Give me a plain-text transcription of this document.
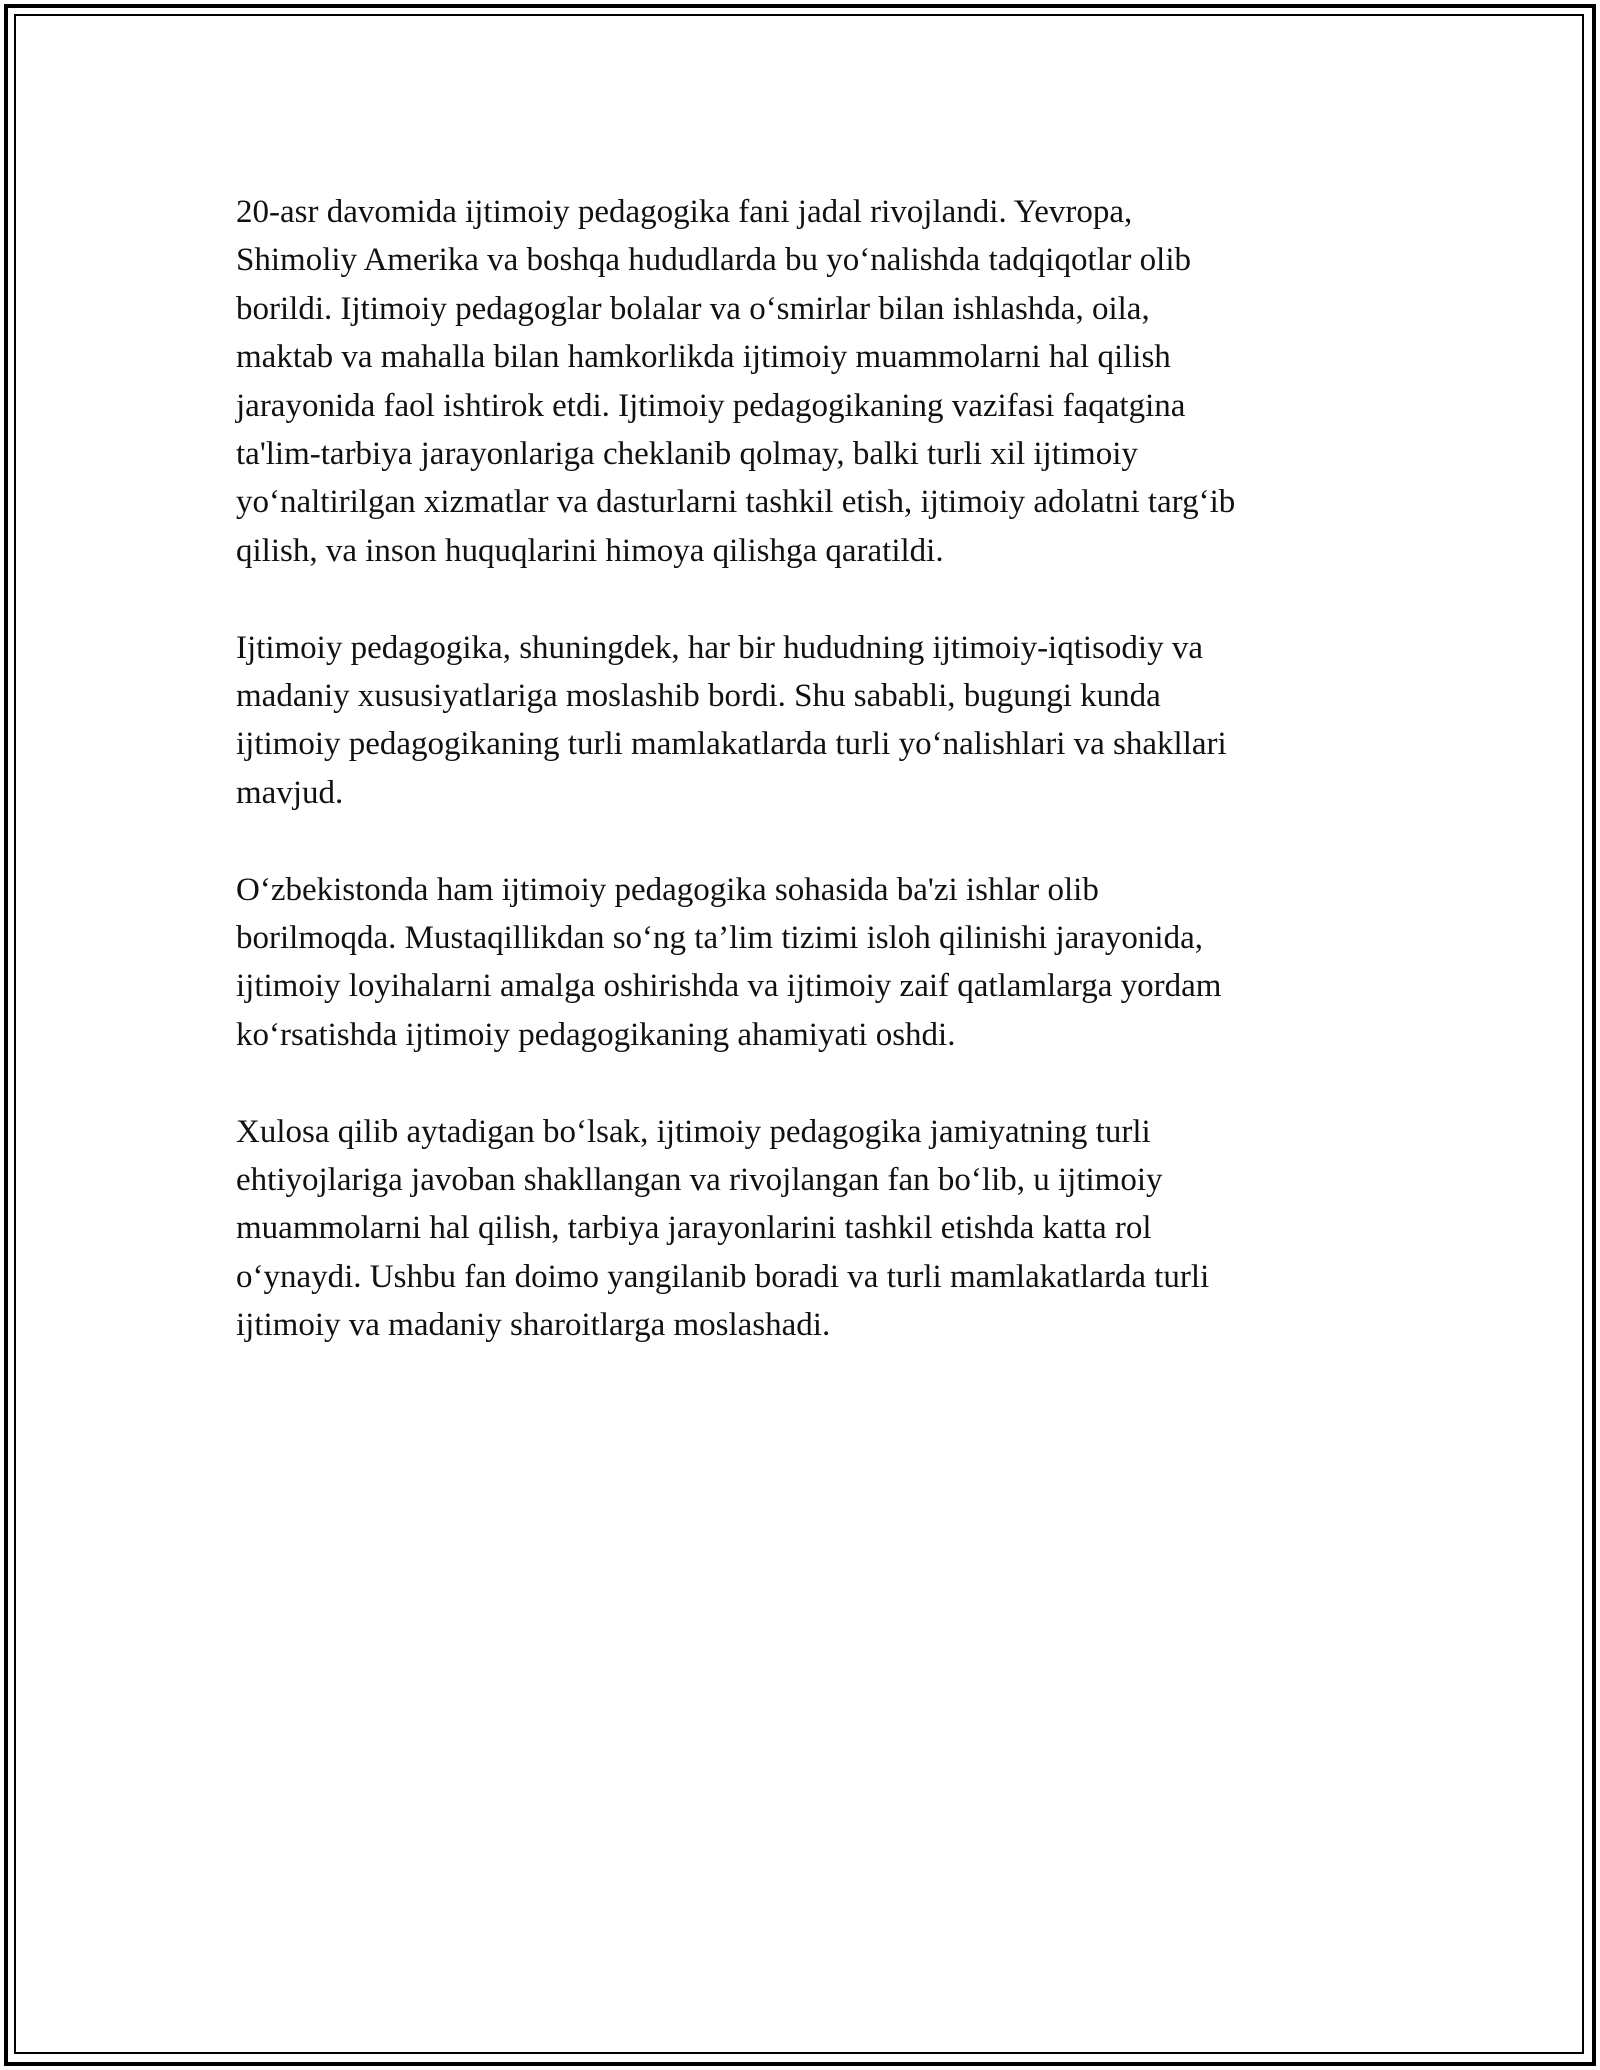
20-asr davomida ijtimoiy pedagogika fani jadal rivojlandi. Yevropa,
Shimoliy Amerika va boshqa hududlarda bu yoʻnalishda tadqiqotlar olib
borildi. Ijtimoiy pedagoglar bolalar va oʻsmirlar bilan ishlashda, oila,
maktab va mahalla bilan hamkorlikda ijtimoiy muammolarni hal qilish
jarayonida faol ishtirok etdi. Ijtimoiy pedagogikaning vazifasi faqatgina
ta'lim-tarbiya jarayonlariga cheklanib qolmay, balki turli xil ijtimoiy
yoʻnaltirilgan xizmatlar va dasturlarni tashkil etish, ijtimoiy adolatni targʻib
qilish, va inson huquqlarini himoya qilishga qaratildi.

Ijtimoiy pedagogika, shuningdek, har bir hududning ijtimoiy-iqtisodiy va
madaniy xususiyatlariga moslashib bordi. Shu sababli, bugungi kunda
ijtimoiy pedagogikaning turli mamlakatlarda turli yoʻnalishlari va shakllari
mavjud.

Oʻzbekistonda ham ijtimoiy pedagogika sohasida ba'zi ishlar olib
borilmoqda. Mustaqillikdan soʻng ta’lim tizimi isloh qilinishi jarayonida,
ijtimoiy loyihalarni amalga oshirishda va ijtimoiy zaif qatlamlarga yordam
koʻrsatishda ijtimoiy pedagogikaning ahamiyati oshdi.

Xulosa qilib aytadigan boʻlsak, ijtimoiy pedagogika jamiyatning turli
ehtiyojlariga javoban shakllangan va rivojlangan fan boʻlib, u ijtimoiy
muammolarni hal qilish, tarbiya jarayonlarini tashkil etishda katta rol
oʻynaydi. Ushbu fan doimo yangilanib boradi va turli mamlakatlarda turli
ijtimoiy va madaniy sharoitlarga moslashadi.
